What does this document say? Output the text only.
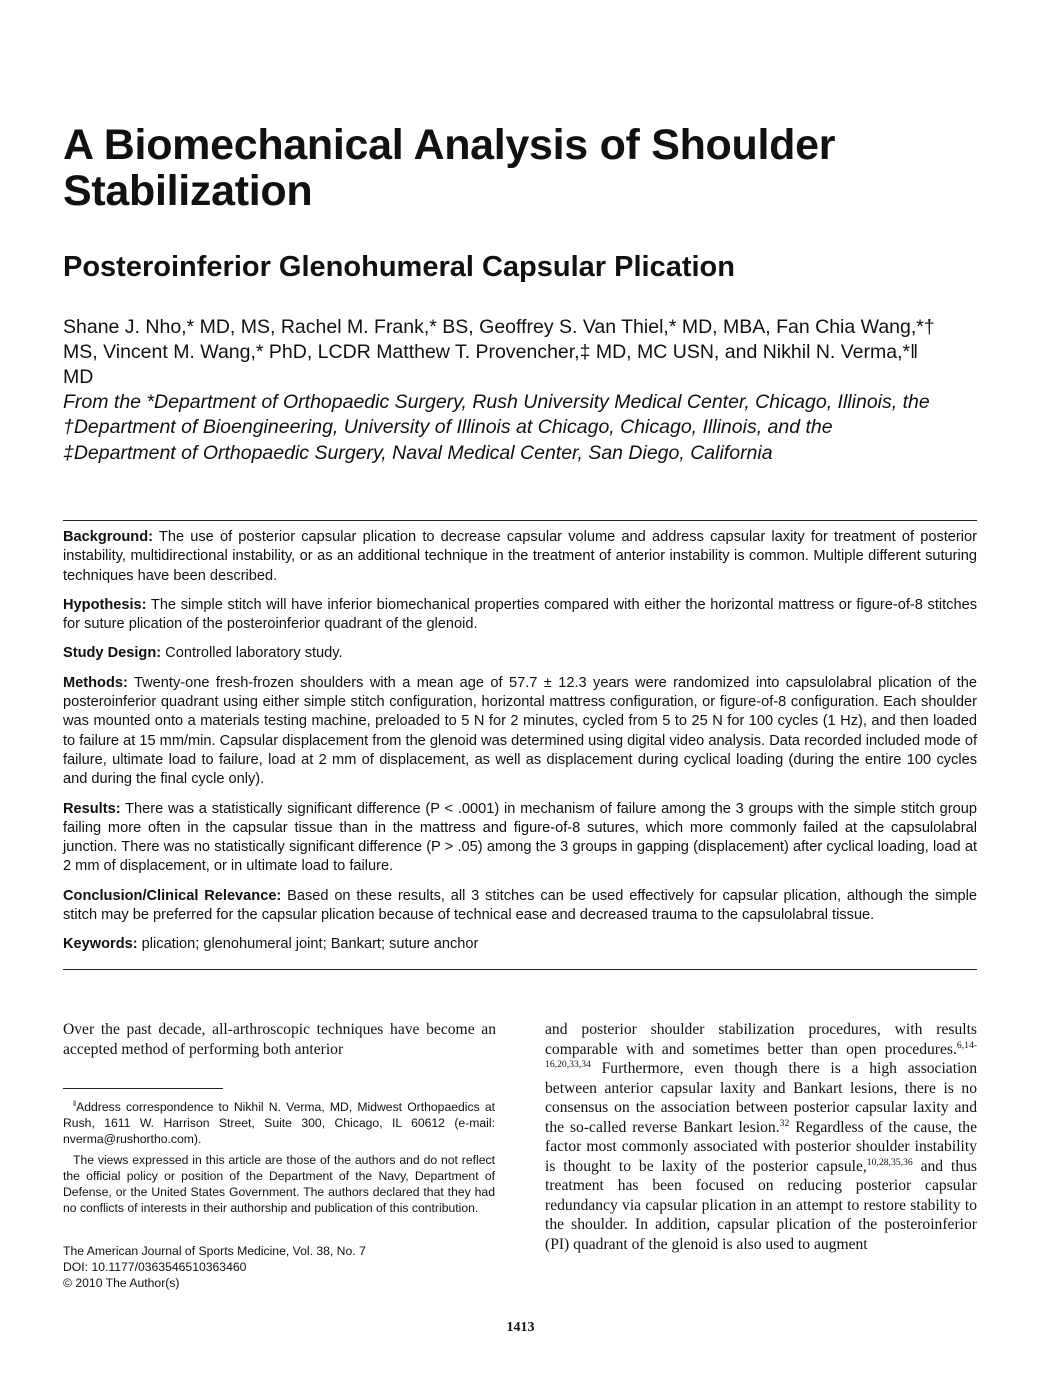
A Biomechanical Analysis of Shoulder Stabilization
Posteroinferior Glenohumeral Capsular Plication

Shane J. Nho,* MD, MS, Rachel M. Frank,* BS, Geoffrey S. Van Thiel,* MD, MBA, Fan Chia Wang,*† MS, Vincent M. Wang,* PhD, LCDR Matthew T. Provencher,‡ MD, MC USN, and Nikhil N. Verma,*‖ MD

From the *Department of Orthopaedic Surgery, Rush University Medical Center, Chicago, Illinois, the †Department of Bioengineering, University of Illinois at Chicago, Chicago, Illinois, and the ‡Department of Orthopaedic Surgery, Naval Medical Center, San Diego, California

Background: The use of posterior capsular plication to decrease capsular volume and address capsular laxity for treatment of posterior instability, multidirectional instability, or as an additional technique in the treatment of anterior instability is common. Multiple different suturing techniques have been described.

Hypothesis: The simple stitch will have inferior biomechanical properties compared with either the horizontal mattress or figure-of-8 stitches for suture plication of the posteroinferior quadrant of the glenoid.

Study Design: Controlled laboratory study.

Methods: Twenty-one fresh-frozen shoulders with a mean age of 57.7 ± 12.3 years were randomized into capsulolabral plication of the posteroinferior quadrant using either simple stitch configuration, horizontal mattress configuration, or figure-of-8 configuration. Each shoulder was mounted onto a materials testing machine, preloaded to 5 N for 2 minutes, cycled from 5 to 25 N for 100 cycles (1 Hz), and then loaded to failure at 15 mm/min. Capsular displacement from the glenoid was determined using digital video analysis. Data recorded included mode of failure, ultimate load to failure, load at 2 mm of displacement, as well as displacement during cyclical loading (during the entire 100 cycles and during the final cycle only).

Results: There was a statistically significant difference (P < .0001) in mechanism of failure among the 3 groups with the simple stitch group failing more often in the capsular tissue than in the mattress and figure-of-8 sutures, which more commonly failed at the capsulolabral junction. There was no statistically significant difference (P > .05) among the 3 groups in gapping (displacement) after cyclical loading, load at 2 mm of displacement, or in ultimate load to failure.

Conclusion/Clinical Relevance: Based on these results, all 3 stitches can be used effectively for capsular plication, although the simple stitch may be preferred for the capsular plication because of technical ease and decreased trauma to the capsulolabral tissue.

Keywords: plication; glenohumeral joint; Bankart; suture anchor

Over the past decade, all-arthroscopic techniques have become an accepted method of performing both anterior

‖Address correspondence to Nikhil N. Verma, MD, Midwest Orthopaedics at Rush, 1611 W. Harrison Street, Suite 300, Chicago, IL 60612 (e-mail: nverma@rushortho.com).

The views expressed in this article are those of the authors and do not reflect the official policy or position of the Department of the Navy, Department of Defense, or the United States Government. The authors declared that they had no conflicts of interests in their authorship and publication of this contribution.

The American Journal of Sports Medicine, Vol. 38, No. 7
DOI: 10.1177/0363546510363460
© 2010 The Author(s)

and posterior shoulder stabilization procedures, with results comparable with and sometimes better than open procedures.$^{6,14-16,20,33,34}$ Furthermore, even though there is a high association between anterior capsular laxity and Bankart lesions, there is no consensus on the association between posterior capsular laxity and the so-called reverse Bankart lesion.$^{32}$ Regardless of the cause, the factor most commonly associated with posterior shoulder instability is thought to be laxity of the posterior capsule,$^{10,28,35,36}$ and thus treatment has been focused on reducing posterior capsular redundancy via capsular plication in an attempt to restore stability to the shoulder. In addition, capsular plication of the posteroinferior (PI) quadrant of the glenoid is also used to augment

1413
